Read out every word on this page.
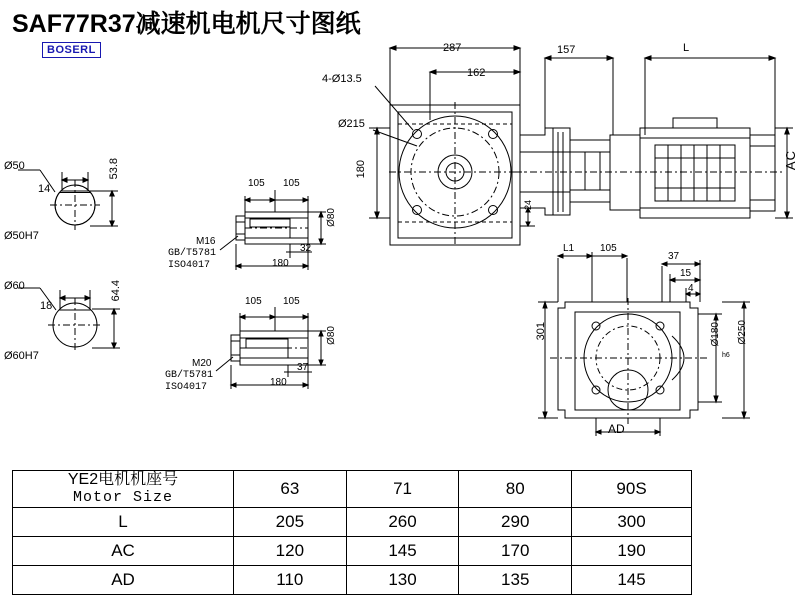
SAF77R37减速机电机尺寸图纸
BOSERL
Ø50
14
53.8
Ø50H7
Ø60
18
64.4
Ø60H7
105 105
M16
GB/T5781
ISO4017
32
180
Ø80
105 105
M20
GB/T5781
ISO4017
37
180
Ø80
287
162
157	L
4-Ø13.5
Ø215
180
24
AC
L1	105
37
15
4
301	Ø180
h6
Ø250
AD
YE2电机机座号
Motor Size	63	71	80	90S
L	205	260	290	300
AC	120	145	170	190
AD	110	130	135	145
